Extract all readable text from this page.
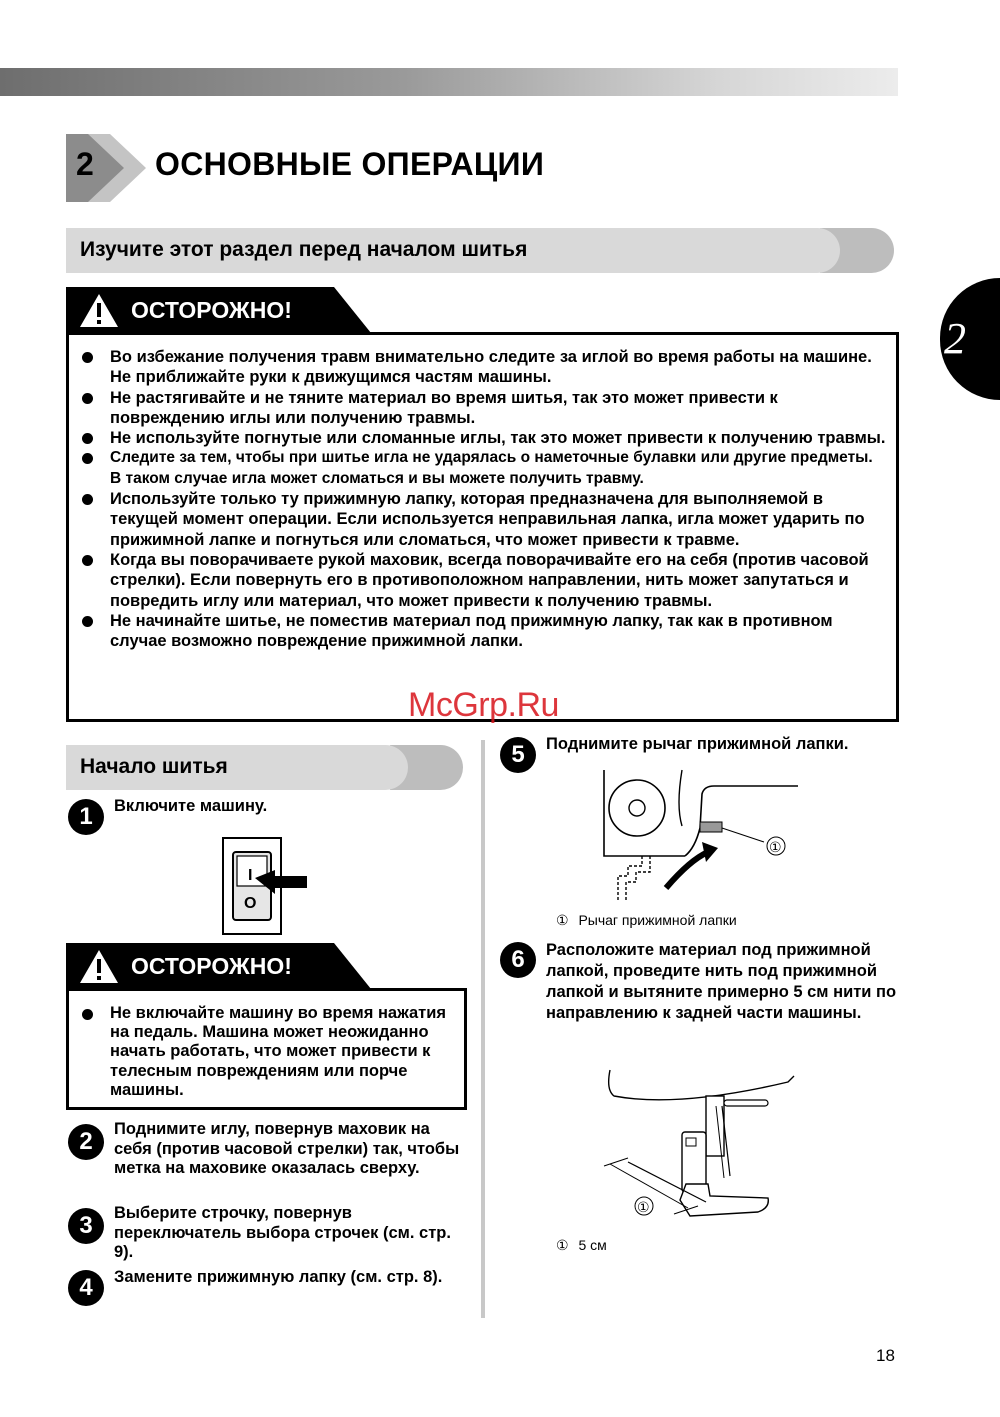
2 ОСНОВНЫЕ ОПЕРАЦИИ
2
Изучите этот раздел перед началом шитья
ОСТОРОЖНО!
Во избежание получения травм внимательно следите за иглой во время работы на машине. Не приближайте руки к движущимся частям машины.
Не растягивайте и не тяните материал во время шитья, так это может привести к повреждению иглы или получению травмы.
Не используйте погнутые или сломанные иглы, так это может привести к получению травмы.
Следите за тем, чтобы при шитье игла не ударялась о наметочные булавки или другие предметы. В таком случае игла может сломаться и вы можете получить травму.
Используйте только ту прижимную лапку, которая предназначена для выполняемой в текущей момент операции. Если используется неправильная лапка, игла может ударить по прижимной лапке и погнуться или сломаться, что может привести к травме.
Когда вы поворачиваете рукой маховик, всегда поворачивайте его на себя (против часовой стрелки). Если повернуть его в противоположном направлении, нить может запутаться и повредить иглу или материал, что может привести к получению травмы.
Не начинайте шитье, не поместив материал под прижимную лапку, так как в противном случае возможно повреждение прижимной лапки.
McGrp.Ru
Начало шитья
1	Включите машину.
I
O
ОСТОРОЖНО!
Не включайте машину во время нажатия на педаль. Машина может неожиданно начать работать, что может привести к телесным повреждениям или порче машины.
2	Поднимите иглу, повернув маховик на себя (против часовой стрелки) так, чтобы метка на маховике оказалась сверху.
3	Выберите строчку, повернув переключатель выбора строчек (см. стр. 9).
4	Замените прижимную лапку (см. стр. 8).
5	Поднимите рычаг прижимной лапки.
①
① Рычаг прижимной лапки
6	Расположите материал под прижимной лапкой, проведите нить под прижимной лапкой и вытяните примерно 5 см нити по направлению к задней части машины.
①
① 5 см
18
